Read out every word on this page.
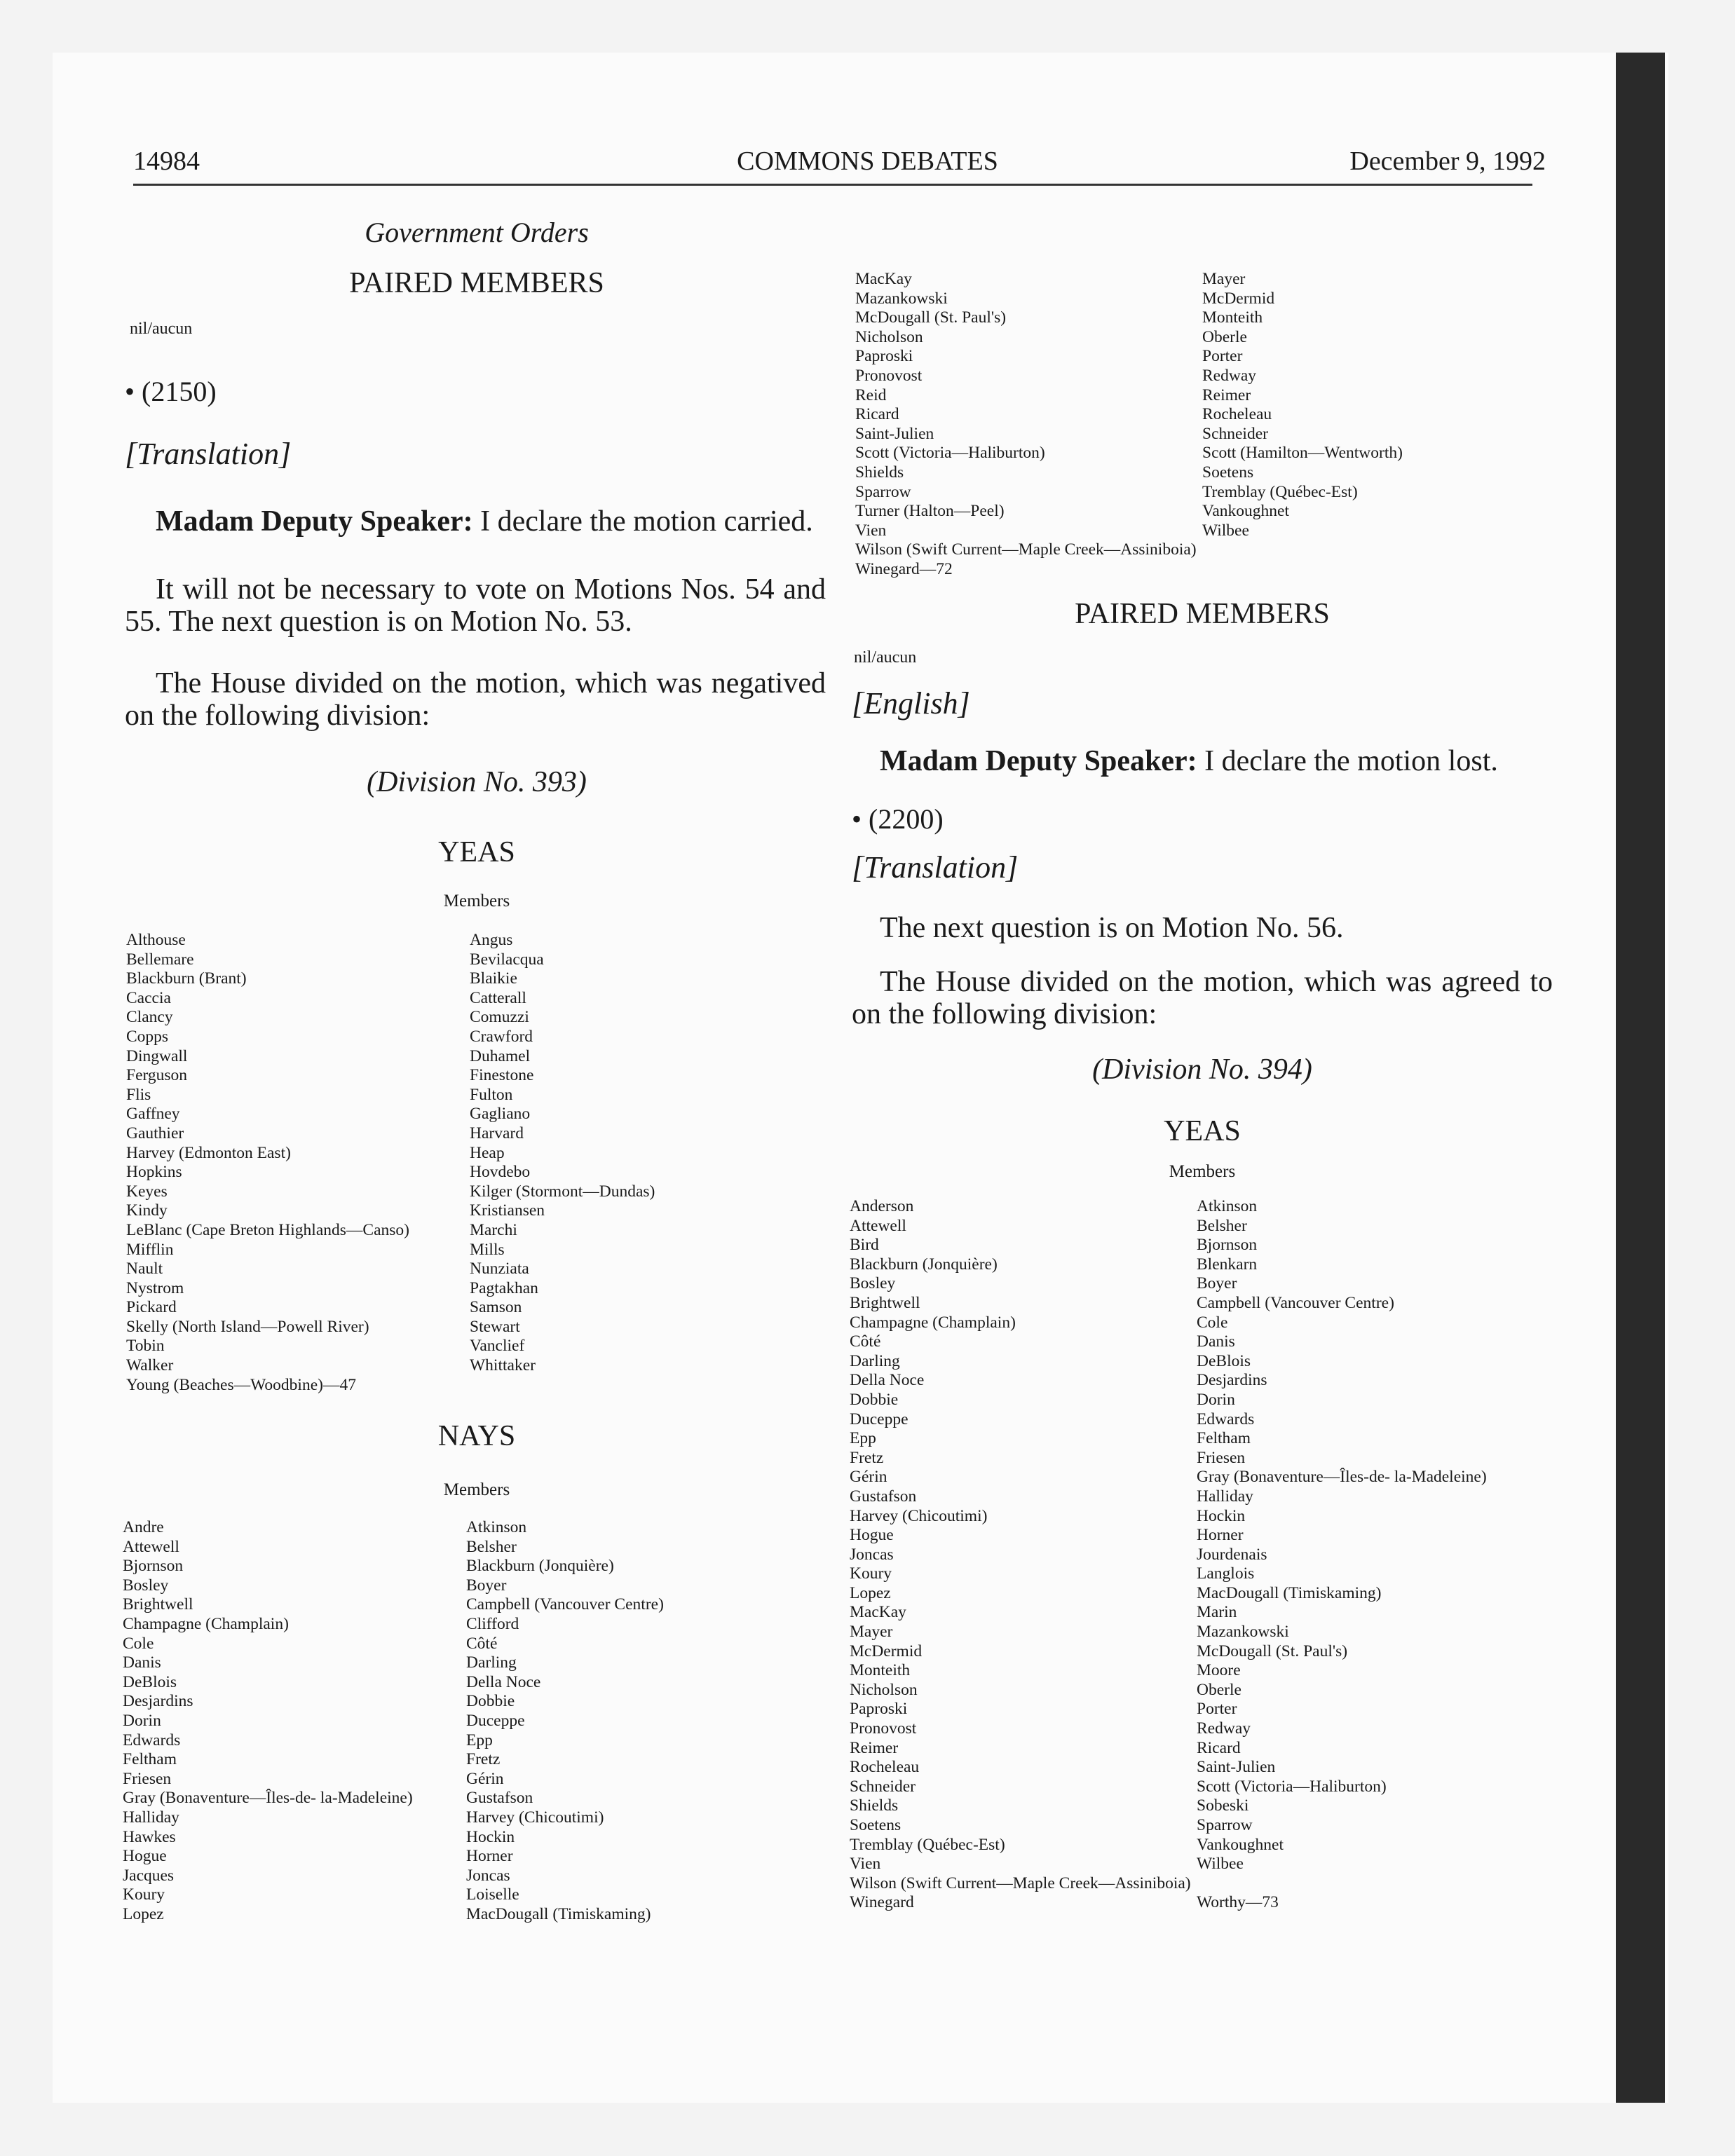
14984	COMMONS DEBATES	December 9, 1992
Government Orders
PAIRED MEMBERS
nil/aucun
• (2150)
[Translation]
Madam Deputy Speaker: I declare the motion carried.
It will not be necessary to vote on Motions Nos. 54 and 55. The next question is on Motion No. 53.
The House divided on the motion, which was negatived on the following division:
(Division No. 393)
YEAS
Members
Althouse
Bellemare
Blackburn (Brant)
Caccia
Clancy
Copps
Dingwall
Ferguson
Flis
Gaffney
Gauthier
Harvey (Edmonton East)
Hopkins
Keyes
Kindy
LeBlanc (Cape Breton Highlands—Canso)
Mifflin
Nault
Nystrom
Pickard
Skelly (North Island—Powell River)
Tobin
Walker
Young (Beaches—Woodbine)—47
Angus
Bevilacqua
Blaikie
Catterall
Comuzzi
Crawford
Duhamel
Finestone
Fulton
Gagliano
Harvard
Heap
Hovdebo
Kilger (Stormont—Dundas)
Kristiansen
Marchi
Mills
Nunziata
Pagtakhan
Samson
Stewart
Vanclief
Whittaker
NAYS
Members
Andre
Attewell
Bjornson
Bosley
Brightwell
Champagne (Champlain)
Cole
Danis
DeBlois
Desjardins
Dorin
Edwards
Feltham
Friesen
Gray (Bonaventure—Îles-de- la-Madeleine)
Halliday
Hawkes
Hogue
Jacques
Koury
Lopez
Atkinson
Belsher
Blackburn (Jonquière)
Boyer
Campbell (Vancouver Centre)
Clifford
Côté
Darling
Della Noce
Dobbie
Duceppe
Epp
Fretz
Gérin
Gustafson
Harvey (Chicoutimi)
Hockin
Horner
Joncas
Loiselle
MacDougall (Timiskaming)
MacKay
Mazankowski
McDougall (St. Paul's)
Nicholson
Paproski
Pronovost
Reid
Ricard
Saint-Julien
Scott (Victoria—Haliburton)
Shields
Sparrow
Turner (Halton—Peel)
Vien
Wilson (Swift Current—Maple Creek—Assiniboia)
Winegard—72
Mayer
McDermid
Monteith
Oberle
Porter
Redway
Reimer
Rocheleau
Schneider
Scott (Hamilton—Wentworth)
Soetens
Tremblay (Québec-Est)
Vankoughnet
Wilbee
PAIRED MEMBERS
nil/aucun
[English]
Madam Deputy Speaker: I declare the motion lost.
• (2200)
[Translation]
The next question is on Motion No. 56.
The House divided on the motion, which was agreed to on the following division:
(Division No. 394)
YEAS
Members
Anderson
Attewell
Bird
Blackburn (Jonquière)
Bosley
Brightwell
Champagne (Champlain)
Côté
Darling
Della Noce
Dobbie
Duceppe
Epp
Fretz
Gérin
Gustafson
Harvey (Chicoutimi)
Hogue
Joncas
Koury
Lopez
MacKay
Mayer
McDermid
Monteith
Nicholson
Paproski
Pronovost
Reimer
Rocheleau
Schneider
Shields
Soetens
Tremblay (Québec-Est)
Vien
Wilson (Swift Current—Maple Creek—Assiniboia)
Winegard
Atkinson
Belsher
Bjornson
Blenkarn
Boyer
Campbell (Vancouver Centre)
Cole
Danis
DeBlois
Desjardins
Dorin
Edwards
Feltham
Friesen
Gray (Bonaventure—Îles-de- la-Madeleine)
Halliday
Hockin
Horner
Jourdenais
Langlois
MacDougall (Timiskaming)
Marin
Mazankowski
McDougall (St. Paul's)
Moore
Oberle
Porter
Redway
Ricard
Saint-Julien
Scott (Victoria—Haliburton)
Sobeski
Sparrow
Vankoughnet
Wilbee
Worthy—73
